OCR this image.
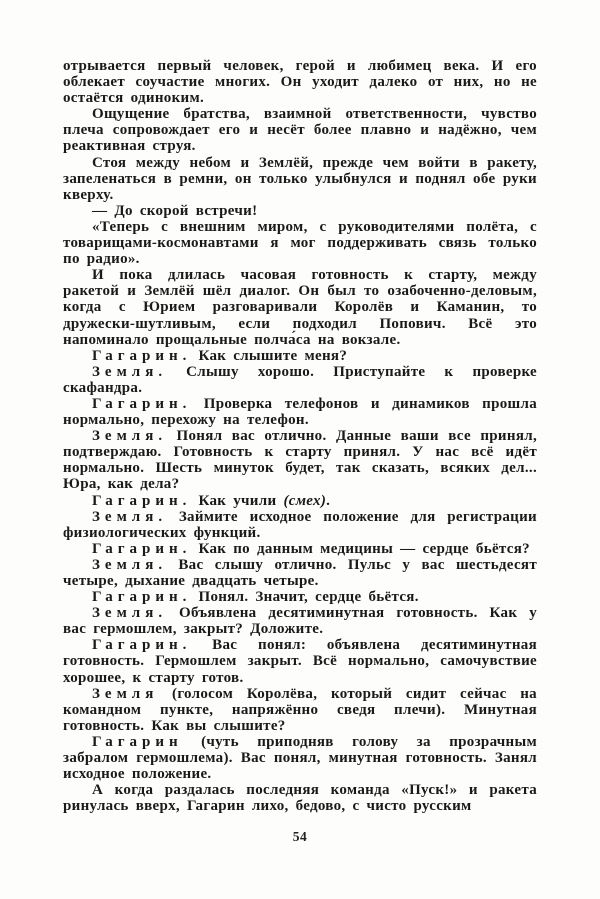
отрывается первый человек, герой и любимец века. И его облекает соучастие многих. Он уходит далеко от них, но не остаётся одиноким.

Ощущение братства, взаимной ответственности, чувство плеча сопровождает его и несёт более плавно и надёжно, чем реактивная струя.

Стоя между небом и Землёй, прежде чем войти в ракету, запеленаться в ремни, он только улыбнулся и поднял обе руки кверху.

— До скорой встречи!

«Теперь с внешним миром, с руководителями полёта, с товарищами-космонавтами я мог поддерживать связь только по радио».

И пока длилась часовая готовность к старту, между ракетой и Землёй шёл диалог. Он был то озабоченно-деловым, когда с Юрием разговаривали Королёв и Каманин, то дружески-шутливым, если подходил Попович. Всё это напоминало прощальные полча́са на вокзале.

Гагарин. Как слышите меня?

Земля. Слышу хорошо. Приступайте к проверке скафандра.

Гагарин. Проверка телефонов и динамиков прошла нормально, перехожу на телефон.

Земля. Понял вас отлично. Данные ваши все принял, подтверждаю. Готовность к старту принял. У нас всё идёт нормально. Шесть минуток будет, так сказать, всяких дел... Юра, как дела?

Гагарин. Как учили (смех).

Земля. Займите исходное положение для регистрации физиологических функций.

Гагарин. Как по данным медицины — сердце бьётся?

Земля. Вас слышу отлично. Пульс у вас шестьдесят четыре, дыхание двадцать четыре.

Гагарин. Понял. Значит, сердце бьётся.

Земля. Объявлена десятиминутная готовность. Как у вас гермошлем, закрыт? Доложите.

Гагарин. Вас понял: объявлена десятиминутная готовность. Гермошлем закрыт. Всё нормально, самочувствие хорошее, к старту готов.

Земля (голосом Королёва, который сидит сейчас на командном пункте, напряжённо сведя плечи). Минутная готовность. Как вы слышите?

Гагарин (чуть приподняв голову за прозрачным забралом гермошлема). Вас понял, минутная готовность. Занял исходное положение.

А когда раздалась последняя команда «Пуск!» и ракета ринулась вверх, Гагарин лихо, бедово, с чисто русским

54
